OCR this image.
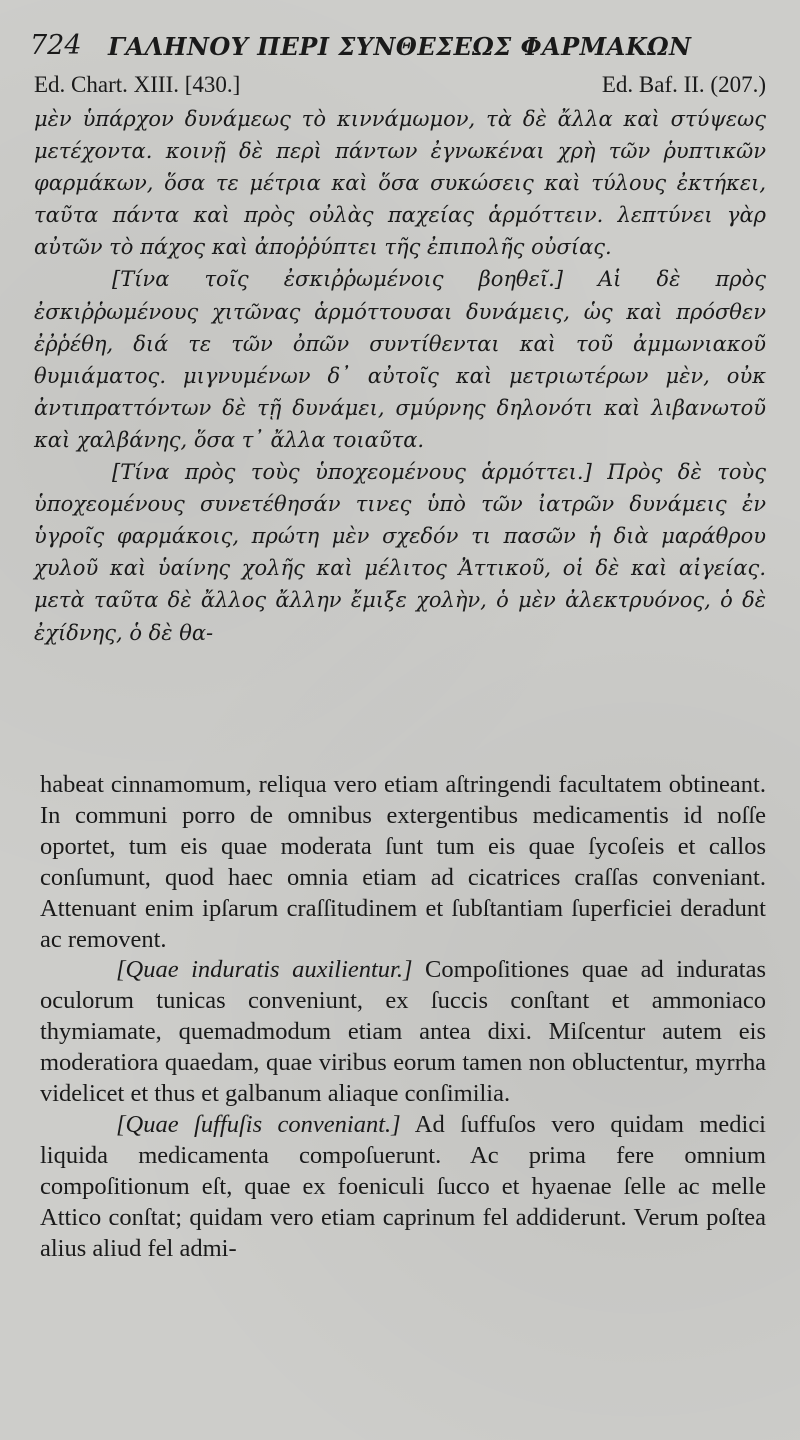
724 ΓΑΛΗΝΟΥ ΠΕΡΙ ΣΥΝΘΕΣΕΩΣ ΦΑΡΜΑΚΩΝ
Ed. Chart. XIII. [430.]	Ed. Baf. II. (207.)

μὲν ὑπάρχον δυνάμεως τὸ κιννάμωμον, τὰ δὲ ἄλλα καὶ στύψεως μετέχοντα. κοινῇ δὲ περὶ πάντων ἐγνωκέναι χρὴ τῶν ῥυπτικῶν φαρμάκων, ὅσα τε μέτρια καὶ ὅσα συκώσεις καὶ τύλους ἐκτήκει, ταῦτα πάντα καὶ πρὸς οὐλὰς παχείας ἁρμόττειν. λεπτύνει γὰρ αὐτῶν τὸ πάχος καὶ ἀποῤῥύπτει τῆς ἐπιπολῆς οὐσίας.

[Τίνα τοῖς ἐσκιῤῥωμένοις βοηθεῖ.] Αἱ δὲ πρὸς ἐσκιῤῥωμένους χιτῶνας ἁρμόττουσαι δυνάμεις, ὡς καὶ πρόσθεν ἐῤῥέθη, διά τε τῶν ὀπῶν συντίθενται καὶ τοῦ ἀμμωνιακοῦ θυμιάματος. μιγνυμένων δ᾽ αὐτοῖς καὶ μετριωτέρων μὲν, οὐκ ἀντιπραττόντων δὲ τῇ δυνάμει, σμύρνης δηλονότι καὶ λιβανωτοῦ καὶ χαλβάνης, ὅσα τ᾽ ἄλλα τοιαῦτα.

[Τίνα πρὸς τοὺς ὑποχεομένους ἁρμόττει.] Πρὸς δὲ τοὺς ὑποχεομένους συνετέθησάν τινες ὑπὸ τῶν ἰατρῶν δυνάμεις ἐν ὑγροῖς φαρμάκοις, πρώτη μὲν σχεδόν τι πασῶν ἡ διὰ μαράθρου χυλοῦ καὶ ὑαίνης χολῆς καὶ μέλιτος Ἀττικοῦ, οἱ δὲ καὶ αἰγείας. μετὰ ταῦτα δὲ ἄλλος ἄλλην ἔμιξε χολὴν, ὁ μὲν ἀλεκτρυόνος, ὁ δὲ ἐχίδνης, ὁ δὲ θα-

habeat cinnamomum, reliqua vero etiam aſtringendi facultatem obtineant. In communi porro de omnibus extergentibus medicamentis id noſſe oportet, tum eis quae moderata ſunt tum eis quae ſycoſeis et callos conſumunt, quod haec omnia etiam ad cicatrices craſſas conveniant. Attenuant enim ipſarum craſſitudinem et ſubſtantiam ſuperficiei deradunt ac removent.

[Quae induratis auxilientur.] Compoſitiones quae ad induratas oculorum tunicas conveniunt, ex ſuccis conſtant et ammoniaco thymiamate, quemadmodum etiam antea dixi. Miſcentur autem eis moderatiora quaedam, quae viribus eorum tamen non obluctentur, myrrha videlicet et thus et galbanum aliaque conſimilia.

[Quae ſuffuſis conveniant.] Ad ſuffuſos vero quidam medici liquida medicamenta compoſuerunt. Ac prima fere omnium compoſitionum eſt, quae ex foeniculi ſucco et hyaenae ſelle ac melle Attico conſtat; quidam vero etiam caprinum fel addiderunt. Verum poſtea alius aliud fel admi-
